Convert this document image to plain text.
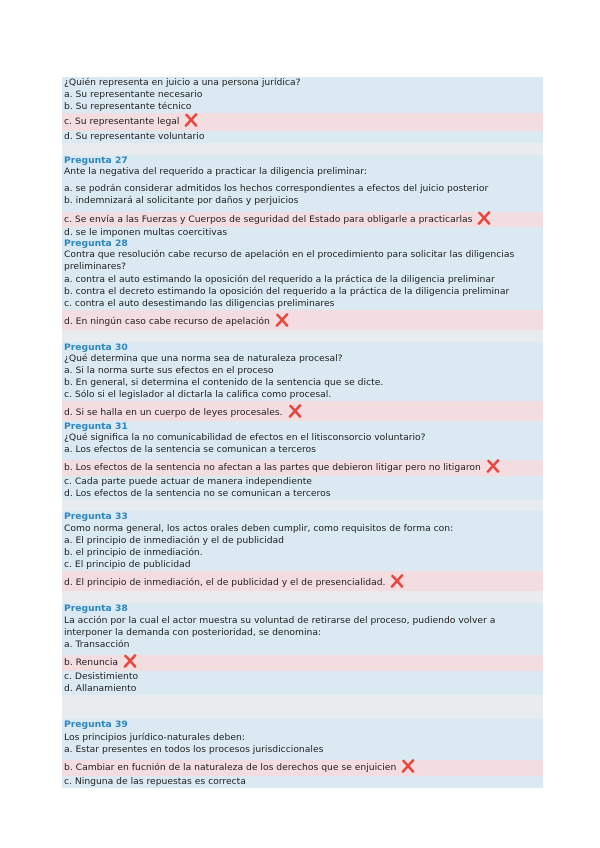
¿Quién representa en juicio a una persona jurídica?
a. Su representante necesario
b. Su representante técnico
c. Su representante legal
d. Su representante voluntario
Pregunta 27
Ante la negativa del requerido a practicar la diligencia preliminar:
a. se podrán considerar admitidos los hechos correspondientes a efectos del juicio posterior
b. indemnizará al solicitante por daños y perjuicios
c. Se envía a las Fuerzas y Cuerpos de seguridad del Estado para obligarle a practicarlas
d. se le imponen multas coercitivas
Pregunta 28
Contra que resolución cabe recurso de apelación en el procedimiento para solicitar las diligencias preliminares?
a. contra el auto estimando la oposición del requerido a la práctica de la diligencia preliminar
b. contra el decreto estimando la oposición del requerido a la práctica de la diligencia preliminar
c. contra el auto desestimando las diligencias preliminares
d. En ningún caso cabe recurso de apelación
Pregunta 30
¿Qué determina que una norma sea de naturaleza procesal?
a. Si la norma surte sus efectos en el proceso
b. En general, si determina el contenido de la sentencia que se dicte.
c. Sólo si el legislador al dictarla la califica como procesal.
d. Si se halla en un cuerpo de leyes procesales.
Pregunta 31
¿Qué significa la no comunicabilidad de efectos en el litisconsorcio voluntario?
a. Los efectos de la sentencia se comunican a terceros
b. Los efectos de la sentencia no afectan a las partes que debieron litigar pero no litigaron
c. Cada parte puede actuar de manera independiente
d. Los efectos de la sentencia no se comunican a terceros
Pregunta 33
Como norma general, los actos orales deben cumplir, como requisitos de forma con:
a. El principio de inmediación y el de publicidad
b. el principio de inmediación.
c. El principio de publicidad
d. El principio de inmediación, el de publicidad y el de presencialidad.
Pregunta 38
La acción por la cual el actor muestra su voluntad de retirarse del proceso, pudiendo volver a interponer la demanda con posterioridad, se denomina:
a. Transacción
b. Renuncia
c. Desistimiento
d. Allanamiento
Pregunta 39
Los principios jurídico-naturales deben:
a. Estar presentes en todos los procesos jurisdiccionales
b. Cambiar en fucnión de la naturaleza de los derechos que se enjuicien
c. Ninguna de las repuestas es correcta
